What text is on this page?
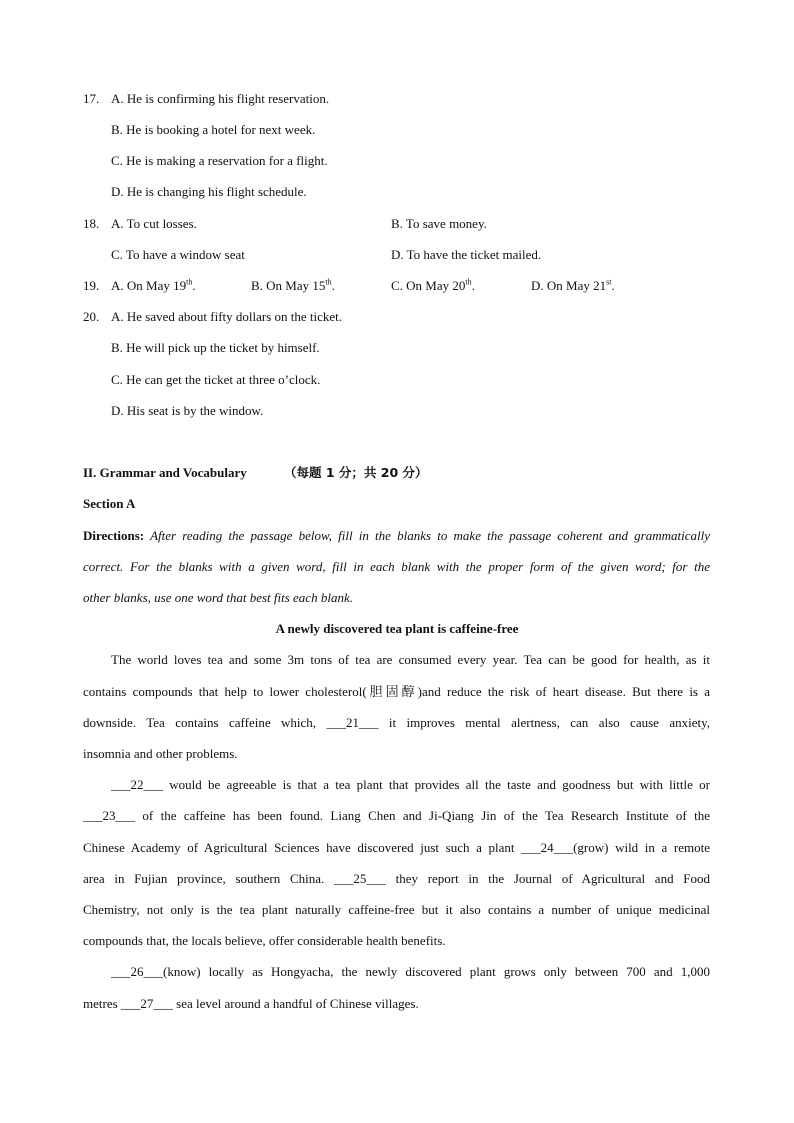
17. A. He is confirming his flight reservation.
B. He is booking a hotel for next week.
C. He is making a reservation for a flight.
D. He is changing his flight schedule.
18. A. To cut losses.	B. To save money.
C. To have a window seat	D. To have the ticket mailed.
19. A. On May 19th.	B. On May 15th.	C. On May 20th.	D. On May 21st.
20. A. He saved about fifty dollars on the ticket.
B. He will pick up the ticket by himself.
C. He can get the ticket at three o’clock.
D. His seat is by the window.
II. Grammar and Vocabulary	（每题 1 分；共 20 分）
Section A
Directions: After reading the passage below, fill in the blanks to make the passage coherent and grammatically
correct. For the blanks with a given word, fill in each blank with the proper form of the given word; for the
other blanks, use one word that best fits each blank.
A newly discovered tea plant is caffeine-free
The world loves tea and some 3m tons of tea are consumed every year. Tea can be good for health, as it
contains compounds that help to lower cholesterol(胆固醇)and reduce the risk of heart disease. But there is a
downside. Tea contains caffeine which, ___21___ it improves mental alertness, can also cause anxiety,
insomnia and other problems.
___22___ would be agreeable is that a tea plant that provides all the taste and goodness but with little or
___23___ of the caffeine has been found. Liang Chen and Ji-Qiang Jin of the Tea Research Institute of the
Chinese Academy of Agricultural Sciences have discovered just such a plant ___24___(grow) wild in a remote
area in Fujian province, southern China. ___25___ they report in the Journal of Agricultural and Food
Chemistry, not only is the tea plant naturally caffeine-free but it also contains a number of unique medicinal
compounds that, the locals believe, offer considerable health benefits.
___26___(know) locally as Hongyacha, the newly discovered plant grows only between 700 and 1,000
metres ___27___ sea level around a handful of Chinese villages.
